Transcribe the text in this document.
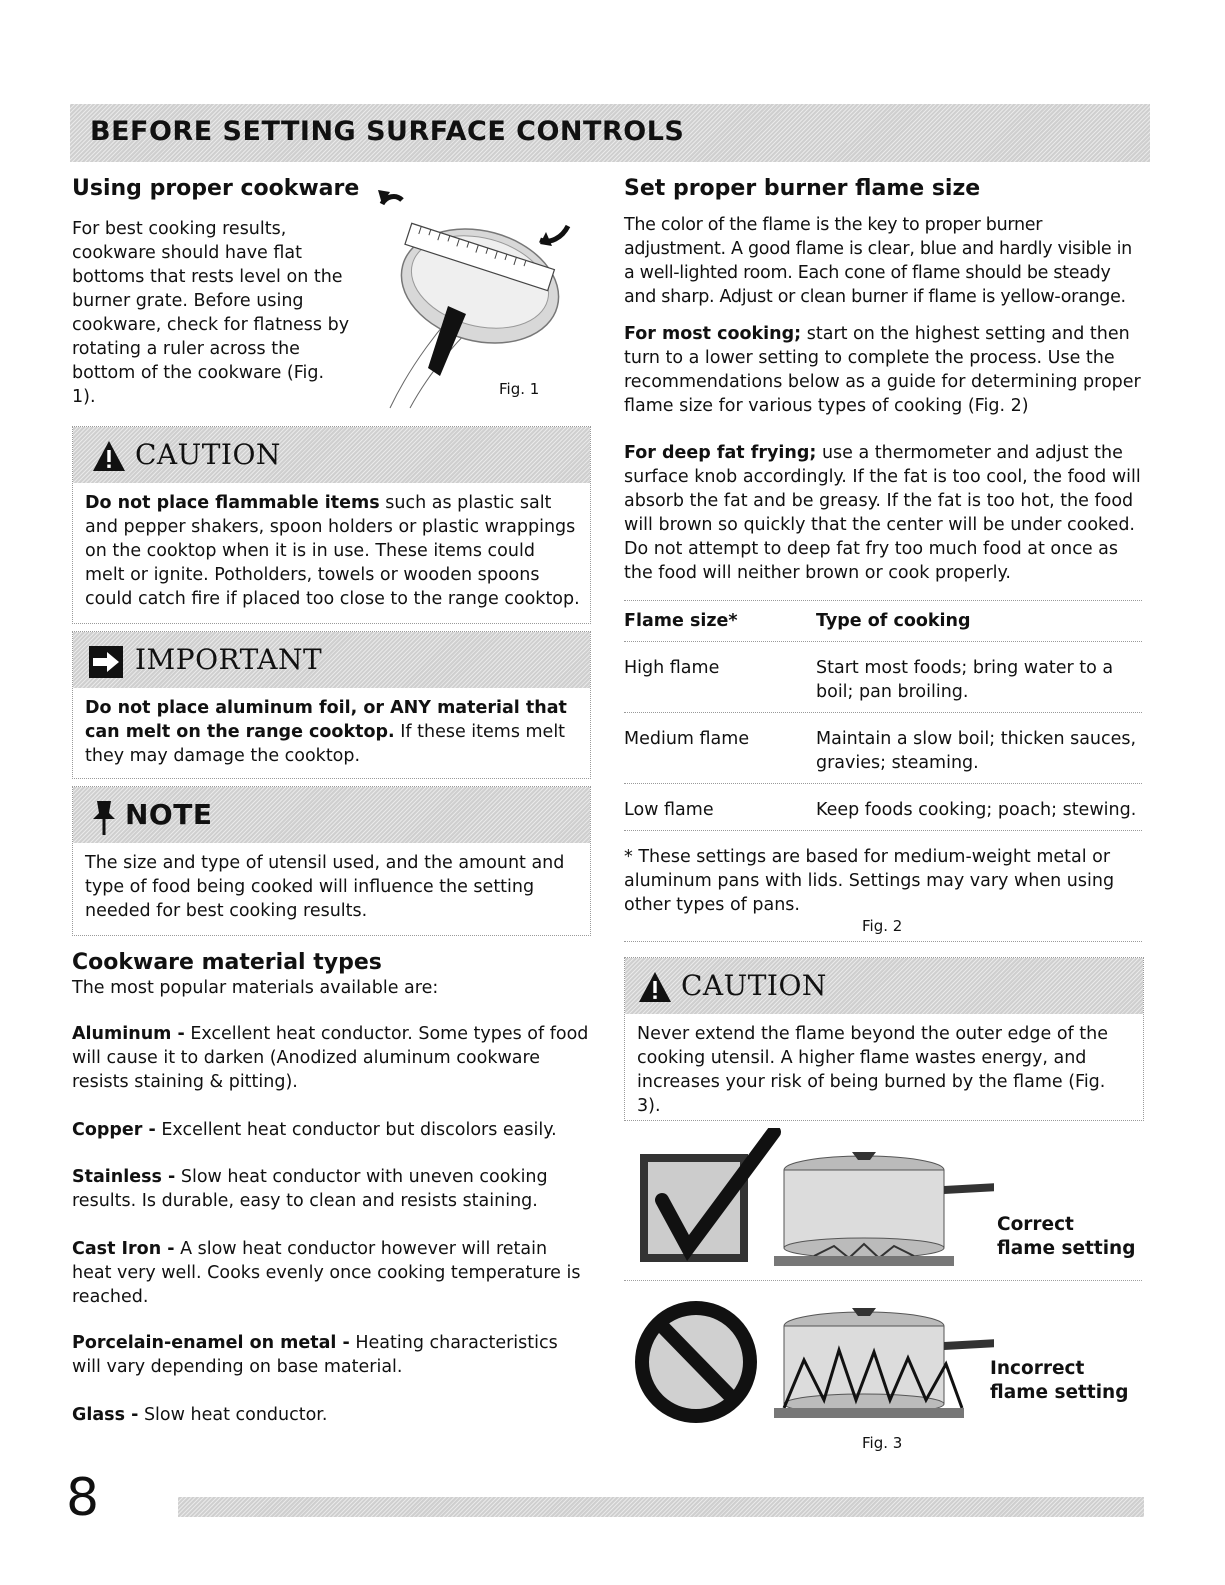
BEFORE SETTING SURFACE CONTROLS
Using proper cookware

For best cooking results, cookware should have flat bottoms that rests level on the burner grate. Before using cookware, check for flatness by rotating a ruler across the bottom of the cookware (Fig. 1).	Fig. 1
CAUTION
Do not place flammable items such as plastic salt and pepper shakers, spoon holders or plastic wrappings on the cooktop when it is in use. These items could melt or ignite. Potholders, towels or wooden spoons could catch fire if placed too close to the range cooktop.
IMPORTANT
Do not place aluminum foil, or ANY material that can melt on the range cooktop. If these items melt they may damage the cooktop.
NOTE
The size and type of utensil used, and the amount and type of food being cooked will influence the setting needed for best cooking results.
Cookware material types

The most popular materials available are:

Aluminum - Excellent heat conductor. Some types of food will cause it to darken (Anodized aluminum cookware resists staining & pitting).

Copper - Excellent heat conductor but discolors easily.

Stainless - Slow heat conductor with uneven cooking results. Is durable, easy to clean and resists staining.

Cast Iron - A slow heat conductor however will retain heat very well. Cooks evenly once cooking temperature is reached.

Porcelain-enamel on metal - Heating characteristics will vary depending on base material.

Glass - Slow heat conductor.

Set proper burner flame size

The color of the flame is the key to proper burner adjustment. A good flame is clear, blue and hardly visible in a well-lighted room. Each cone of flame should be steady and sharp. Adjust or clean burner if flame is yellow-orange.

For most cooking; start on the highest setting and then turn to a lower setting to complete the process. Use the recommendations below as a guide for determining proper flame size for various types of cooking (Fig. 2)

For deep fat frying; use a thermometer and adjust the surface knob accordingly. If the fat is too cool, the food will absorb the fat and be greasy. If the fat is too hot, the food will brown so quickly that the center will be under cooked. Do not attempt to deep fat fry too much food at once as the food will neither brown or cook properly.

Flame size*	Type of cooking
High flame	Start most foods; bring water to a boil; pan broiling.
Medium flame	Maintain a slow boil; thicken sauces, gravies; steaming.
Low flame	Keep foods cooking; poach; stewing.

* These settings are based for medium-weight metal or aluminum pans with lids. Settings may vary when using other types of pans.

Fig. 2
CAUTION
Never extend the flame beyond the outer edge of the cooking utensil. A higher flame wastes energy, and increases your risk of being burned by the flame (Fig. 3).
Correct flame setting
Incorrect flame setting
Fig. 3
8
